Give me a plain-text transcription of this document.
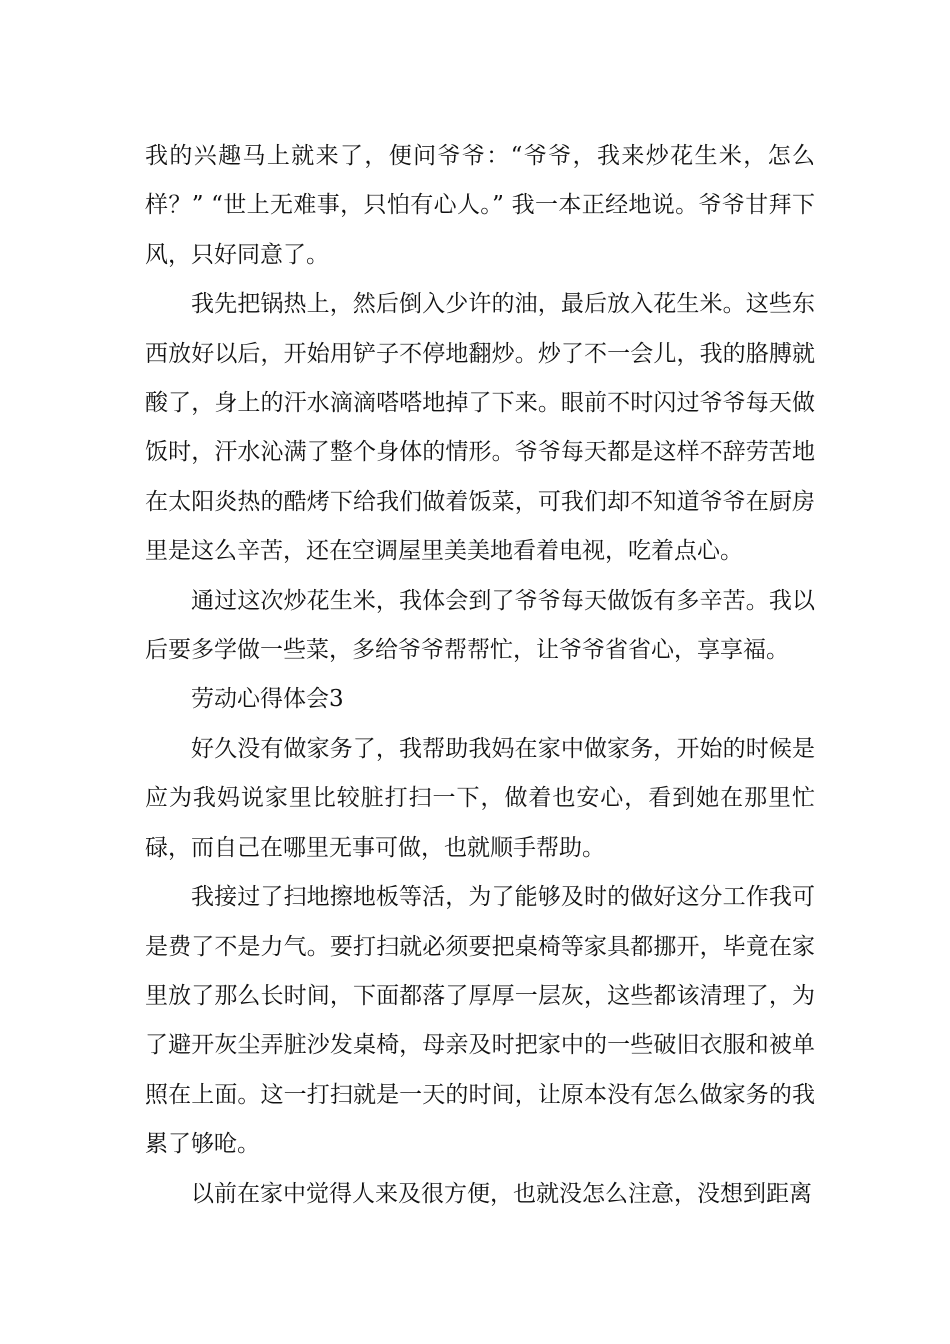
我的兴趣马上就来了，便问爷爷：“爷爷，我来炒花生米，怎么样？” “世上无难事，只怕有心人。” 我一本正经地说。爷爷甘拜下风，只好同意了。

我先把锅热上，然后倒入少许的油，最后放入花生米。这些东西放好以后，开始用铲子不停地翻炒。炒了不一会儿，我的胳膊就酸了，身上的汗水滴滴嗒嗒地掉了下来。眼前不时闪过爷爷每天做饭时，汗水沁满了整个身体的情形。爷爷每天都是这样不辞劳苦地在太阳炎热的酷烤下给我们做着饭菜，可我们却不知道爷爷在厨房里是这么辛苦，还在空调屋里美美地看着电视，吃着点心。

通过这次炒花生米，我体会到了爷爷每天做饭有多辛苦。我以后要多学做一些菜，多给爷爷帮帮忙，让爷爷省省心，享享福。

劳动心得体会3

好久没有做家务了，我帮助我妈在家中做家务，开始的时候是应为我妈说家里比较脏打扫一下，做着也安心，看到她在那里忙碌，而自己在哪里无事可做，也就顺手帮助。

我接过了扫地擦地板等活，为了能够及时的做好这分工作我可是费了不是力气。要打扫就必须要把桌椅等家具都挪开，毕竟在家里放了那么长时间，下面都落了厚厚一层灰，这些都该清理了，为了避开灰尘弄脏沙发桌椅，母亲及时把家中的一些破旧衣服和被单照在上面。这一打扫就是一天的时间，让原本没有怎么做家务的我累了够呛。

以前在家中觉得人来及很方便，也就没怎么注意，没想到距离
